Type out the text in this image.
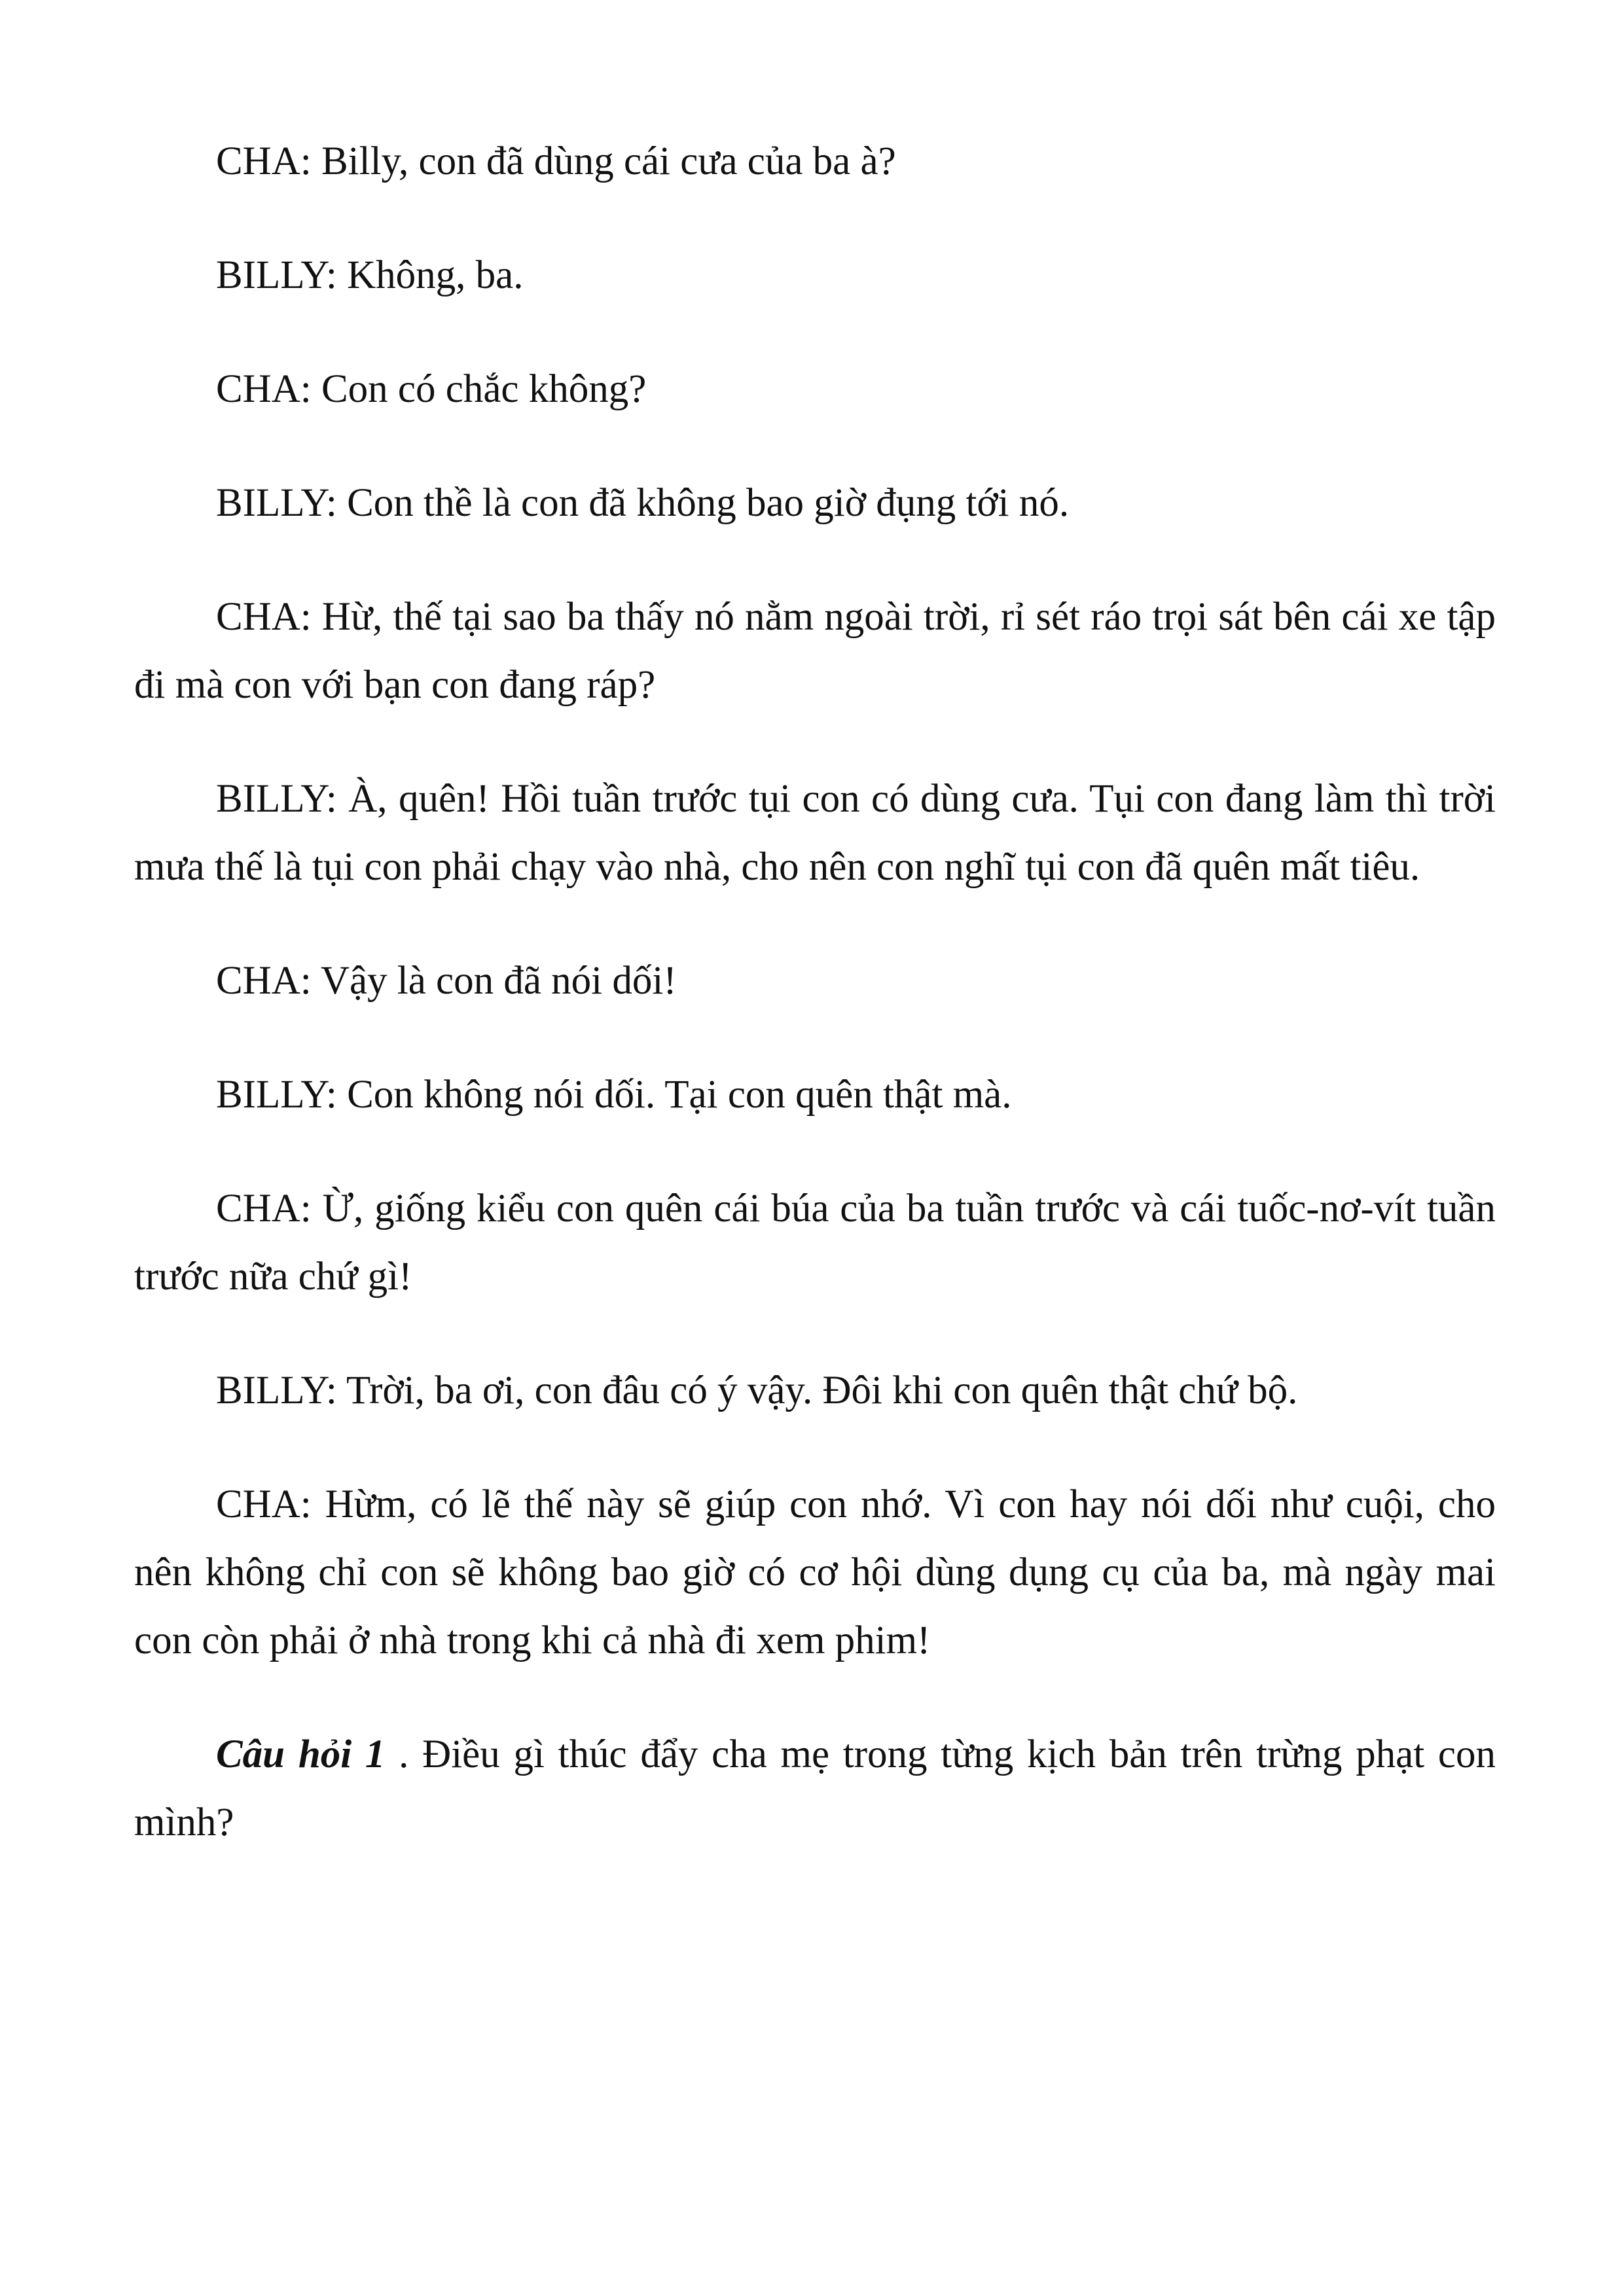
CHA: Billy, con đã dùng cái cưa của ba à?

BILLY: Không, ba.

CHA: Con có chắc không?

BILLY: Con thề là con đã không bao giờ đụng tới nó.

CHA: Hừ, thế tại sao ba thấy nó nằm ngoài trời, rỉ sét ráo trọi sát bên cái xe tập đi mà con với bạn con đang ráp?

BILLY: À, quên! Hồi tuần trước tụi con có dùng cưa. Tụi con đang làm thì trời mưa thế là tụi con phải chạy vào nhà, cho nên con nghĩ tụi con đã quên mất tiêu.

CHA: Vậy là con đã nói dối!

BILLY: Con không nói dối. Tại con quên thật mà.

CHA: Ừ, giống kiểu con quên cái búa của ba tuần trước và cái tuốc-nơ-vít tuần trước nữa chứ gì!

BILLY: Trời, ba ơi, con đâu có ý vậy. Đôi khi con quên thật chứ bộ.

CHA: Hừm, có lẽ thế này sẽ giúp con nhớ. Vì con hay nói dối như cuội, cho nên không chỉ con sẽ không bao giờ có cơ hội dùng dụng cụ của ba, mà ngày mai con còn phải ở nhà trong khi cả nhà đi xem phim!

Câu hỏi 1 . Điều gì thúc đẩy cha mẹ trong từng kịch bản trên trừng phạt con mình?
